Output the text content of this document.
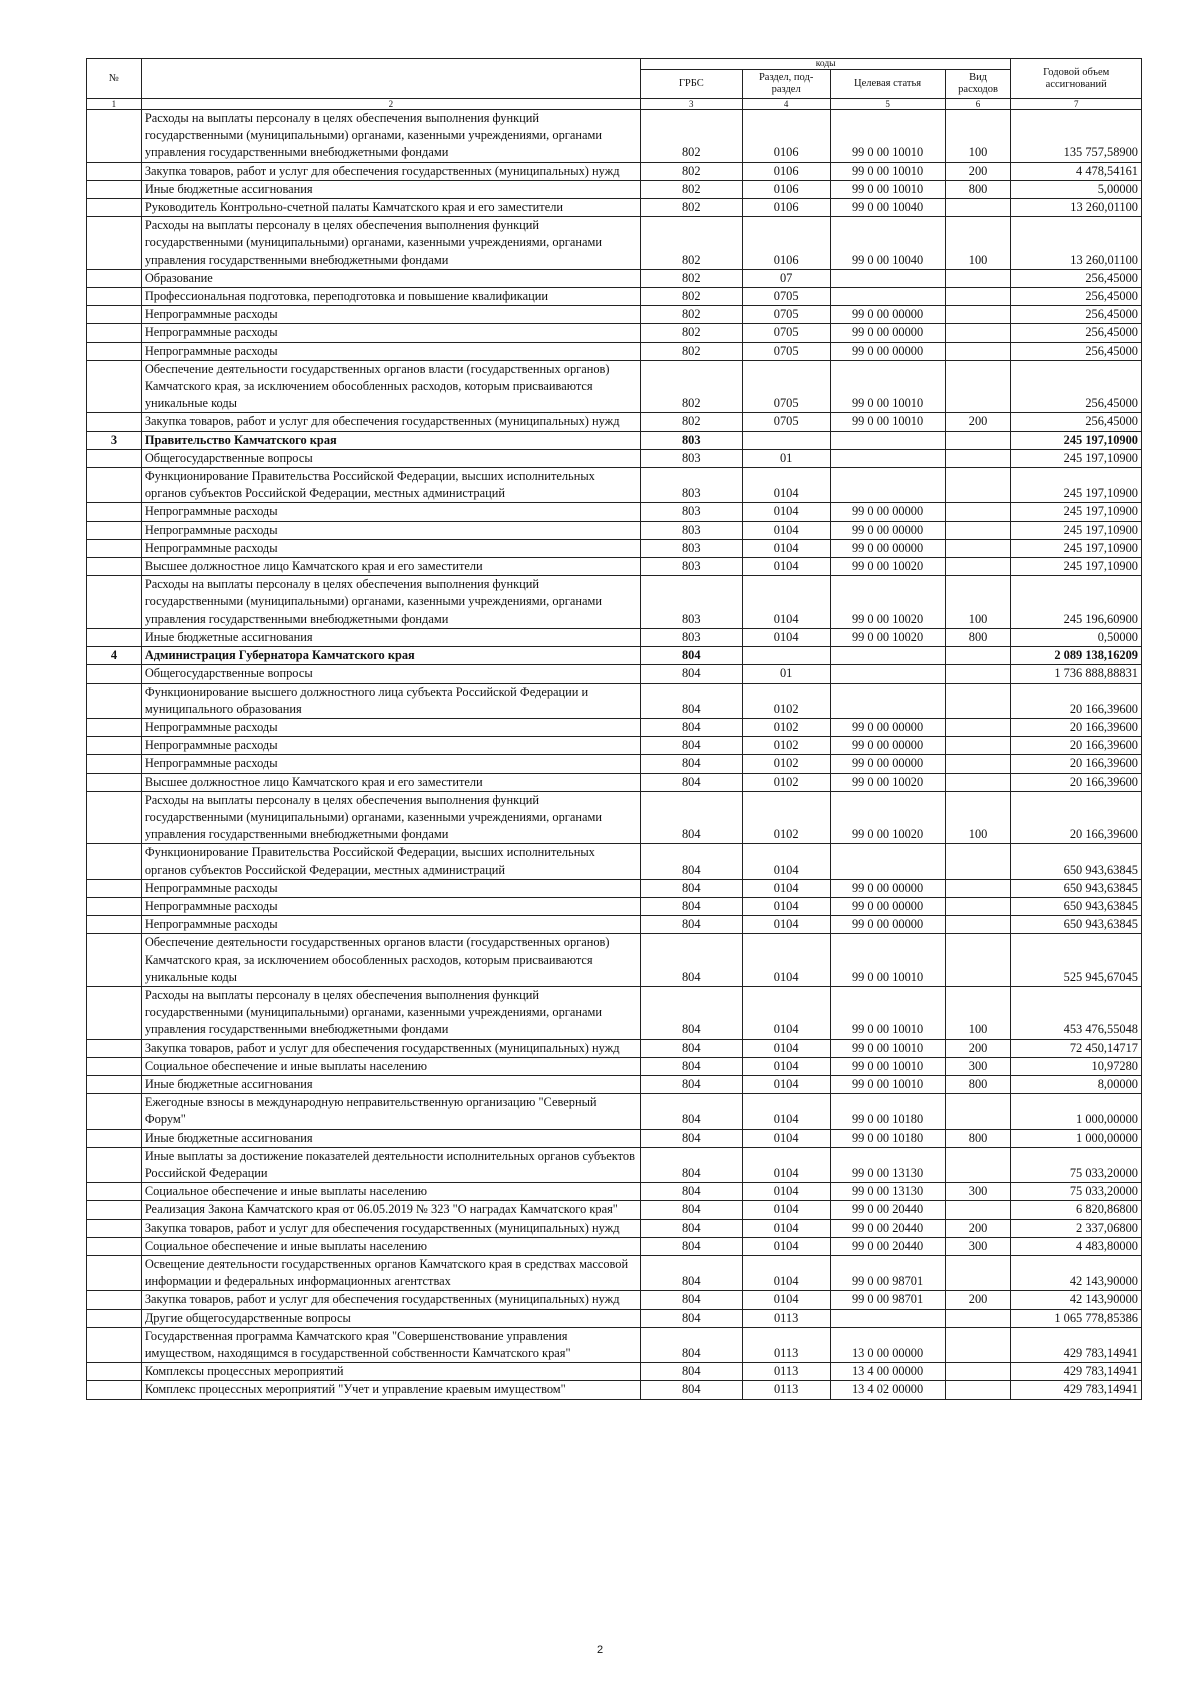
№		коды				Годовой объем ассигнований
		ГРБС	Раздел, под-раздел	Целевая статья	Вид расходов	
1	2	3	4	5	6	7
	Расходы на выплаты персоналу в целях обеспечения выполнения функций государственными (муниципальными) органами, казенными учреждениями, органами управления государственными внебюджетными фондами	802	0106	99 0 00 10010	100	135 757,58900
	Закупка товаров, работ и услуг для обеспечения государственных (муниципальных) нужд	802	0106	99 0 00 10010	200	4 478,54161
	Иные бюджетные ассигнования	802	0106	99 0 00 10010	800	5,00000
	Руководитель Контрольно-счетной палаты Камчатского края и его заместители	802	0106	99 0 00 10040		13 260,01100
	Расходы на выплаты персоналу в целях обеспечения выполнения функций государственными (муниципальными) органами, казенными учреждениями, органами управления государственными внебюджетными фондами	802	0106	99 0 00 10040	100	13 260,01100
	Образование	802	07			256,45000
	Профессиональная подготовка, переподготовка и повышение квалификации	802	0705			256,45000
	Непрограммные расходы	802	0705	99 0 00 00000		256,45000
	Непрограммные расходы	802	0705	99 0 00 00000		256,45000
	Непрограммные расходы	802	0705	99 0 00 00000		256,45000
	Обеспечение деятельности государственных органов власти (государственных органов) Камчатского края, за исключением обособленных расходов, которым присваиваются уникальные коды	802	0705	99 0 00 10010		256,45000
	Закупка товаров, работ и услуг для обеспечения государственных (муниципальных) нужд	802	0705	99 0 00 10010	200	256,45000
3	Правительство Камчатского края	803				245 197,10900
	Общегосударственные вопросы	803	01			245 197,10900
	Функционирование Правительства Российской Федерации, высших исполнительных органов субъектов Российской Федерации, местных администраций	803	0104			245 197,10900
	Непрограммные расходы	803	0104	99 0 00 00000		245 197,10900
	Непрограммные расходы	803	0104	99 0 00 00000		245 197,10900
	Непрограммные расходы	803	0104	99 0 00 00000		245 197,10900
	Высшее должностное лицо Камчатского края и его заместители	803	0104	99 0 00 10020		245 197,10900
	Расходы на выплаты персоналу в целях обеспечения выполнения функций государственными (муниципальными) органами, казенными учреждениями, органами управления государственными внебюджетными фондами	803	0104	99 0 00 10020	100	245 196,60900
	Иные бюджетные ассигнования	803	0104	99 0 00 10020	800	0,50000
4	Администрация Губернатора Камчатского края	804				2 089 138,16209
	Общегосударственные вопросы	804	01			1 736 888,88831
	Функционирование высшего должностного лица субъекта Российской Федерации и муниципального образования	804	0102			20 166,39600
	Непрограммные расходы	804	0102	99 0 00 00000		20 166,39600
	Непрограммные расходы	804	0102	99 0 00 00000		20 166,39600
	Непрограммные расходы	804	0102	99 0 00 00000		20 166,39600
	Высшее должностное лицо Камчатского края и его заместители	804	0102	99 0 00 10020		20 166,39600
	Расходы на выплаты персоналу в целях обеспечения выполнения функций государственными (муниципальными) органами, казенными учреждениями, органами управления государственными внебюджетными фондами	804	0102	99 0 00 10020	100	20 166,39600
	Функционирование Правительства Российской Федерации, высших исполнительных органов субъектов Российской Федерации, местных администраций	804	0104			650 943,63845
	Непрограммные расходы	804	0104	99 0 00 00000		650 943,63845
	Непрограммные расходы	804	0104	99 0 00 00000		650 943,63845
	Непрограммные расходы	804	0104	99 0 00 00000		650 943,63845
	Обеспечение деятельности государственных органов власти (государственных органов) Камчатского края, за исключением обособленных расходов, которым присваиваются уникальные коды	804	0104	99 0 00 10010		525 945,67045
	Расходы на выплаты персоналу в целях обеспечения выполнения функций государственными (муниципальными) органами, казенными учреждениями, органами управления государственными внебюджетными фондами	804	0104	99 0 00 10010	100	453 476,55048
	Закупка товаров, работ и услуг для обеспечения государственных (муниципальных) нужд	804	0104	99 0 00 10010	200	72 450,14717
	Социальное обеспечение и иные выплаты населению	804	0104	99 0 00 10010	300	10,97280
	Иные бюджетные ассигнования	804	0104	99 0 00 10010	800	8,00000
	Ежегодные взносы в международную неправительственную организацию "Северный Форум"	804	0104	99 0 00 10180		1 000,00000
	Иные бюджетные ассигнования	804	0104	99 0 00 10180	800	1 000,00000
	Иные выплаты за достижение показателей деятельности исполнительных органов субъектов Российской Федерации	804	0104	99 0 00 13130		75 033,20000
	Социальное обеспечение и иные выплаты населению	804	0104	99 0 00 13130	300	75 033,20000
	Реализация Закона Камчатского края от 06.05.2019 № 323 "О наградах Камчатского края"	804	0104	99 0 00 20440		6 820,86800
	Закупка товаров, работ и услуг для обеспечения государственных (муниципальных) нужд	804	0104	99 0 00 20440	200	2 337,06800
	Социальное обеспечение и иные выплаты населению	804	0104	99 0 00 20440	300	4 483,80000
	Освещение деятельности государственных органов Камчатского края в средствах массовой информации и федеральных информационных агентствах	804	0104	99 0 00 98701		42 143,90000
	Закупка товаров, работ и услуг для обеспечения государственных (муниципальных) нужд	804	0104	99 0 00 98701	200	42 143,90000
	Другие общегосударственные вопросы	804	0113			1 065 778,85386
	Государственная программа Камчатского края "Совершенствование управления имуществом, находящимся в государственной собственности Камчатского края"	804	0113	13 0 00 00000		429 783,14941
	Комплексы процессных мероприятий	804	0113	13 4 00 00000		429 783,14941
	Комплекс процессных мероприятий "Учет и управление краевым имуществом"	804	0113	13 4 02 00000		429 783,14941
2
